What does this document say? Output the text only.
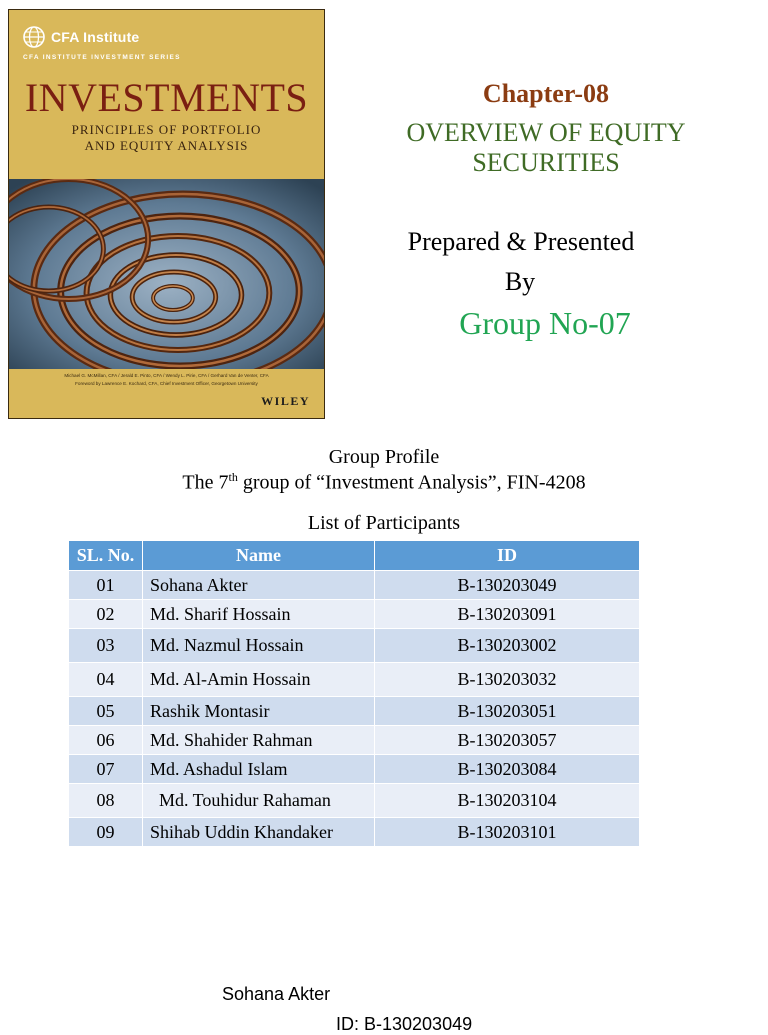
CFA Institute
CFA INSTITUTE INVESTMENT SERIES
INVESTMENTS
PRINCIPLES OF PORTFOLIO
AND EQUITY ANALYSIS
Michael G. McMillan, CFA / Jerald E. Pinto, CFA / Wendy L. Pirie, CFA / Gerhard Van de Venter, CFA
Foreword by Lawrence E. Kochard, CFA, Chief Investment Officer, Georgetown University
WILEY
Chapter-08
OVERVIEW OF EQUITY
SECURITIES
Prepared & Presented
By
Group No-07
Group Profile
The 7th group of “Investment Analysis”, FIN-4208
List of Participants
SL. No.	Name	ID
01	Sohana Akter	B-130203049
02	Md. Sharif Hossain	B-130203091
03	Md. Nazmul Hossain	B-130203002
04	Md. Al-Amin Hossain	B-130203032
05	Rashik Montasir	B-130203051
06	Md. Shahider Rahman	B-130203057
07	Md. Ashadul Islam	B-130203084
08	Md. Touhidur Rahaman	B-130203104
09	Shihab Uddin Khandaker	B-130203101
Sohana Akter
ID: B-130203049
